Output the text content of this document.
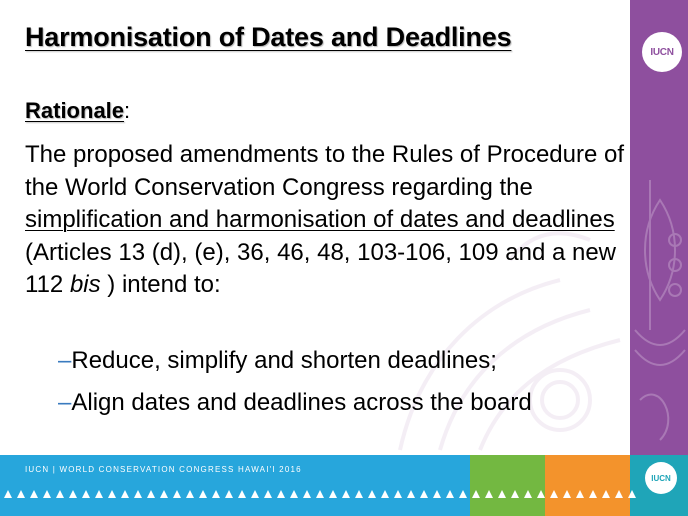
IUCN
Harmonisation of Dates and Deadlines

Rationale:

The proposed amendments to the Rules of Procedure of the World Conservation Congress regarding the simplification and harmonisation of dates and deadlines (Articles 13 (d), (e), 36, 46, 48, 103-106, 109 and a new 112 bis ) intend to:

–Reduce, simplify and shorten deadlines;
–Align dates and deadlines across the board

IUCN | WORLD CONSERVATION CONGRESS HAWAI'I 2016

IUCN
